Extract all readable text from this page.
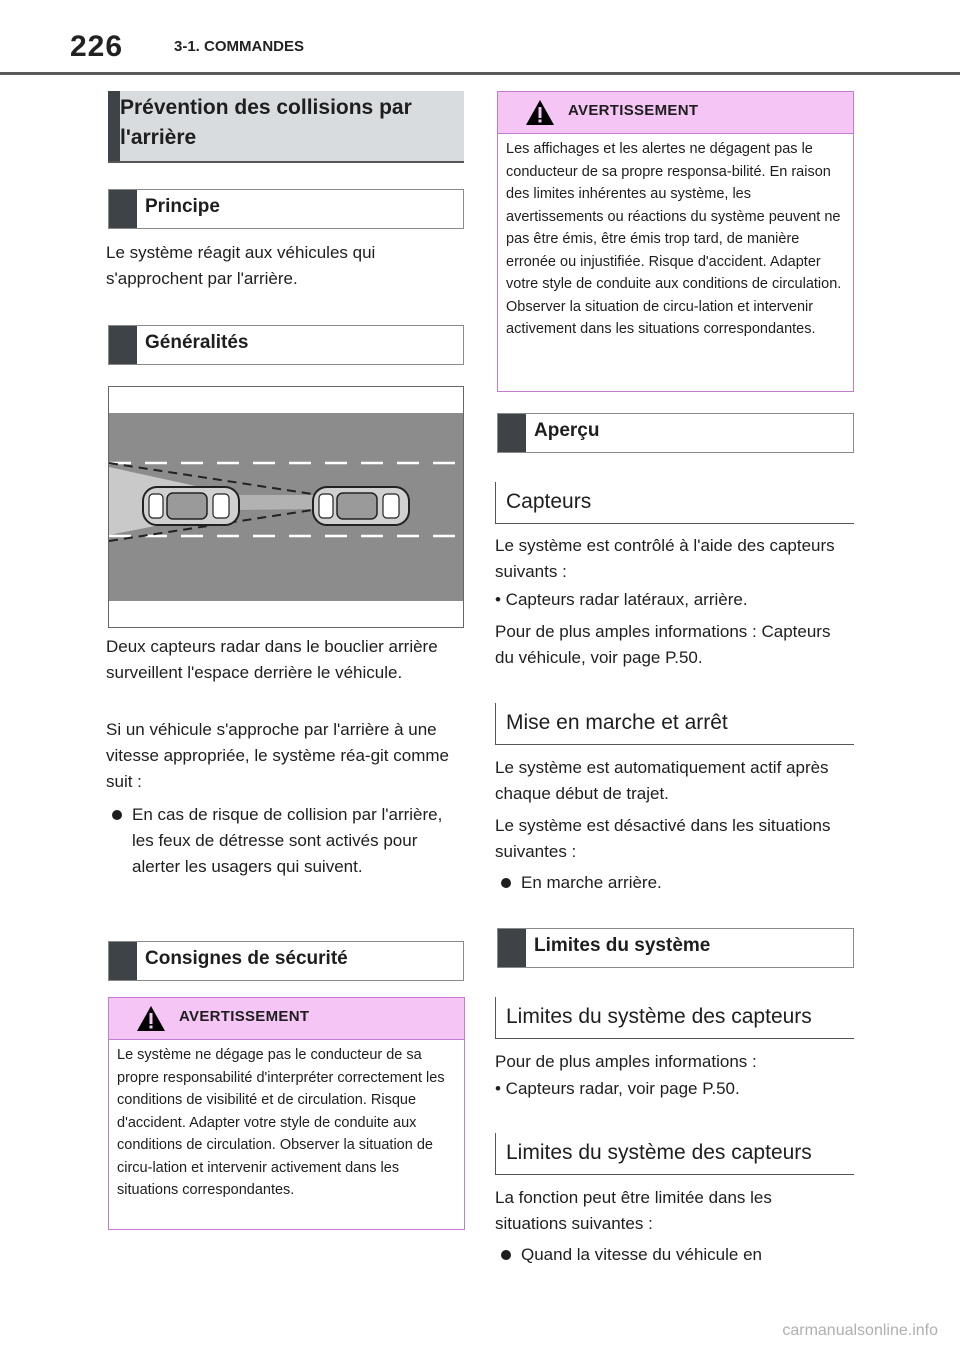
226	3-1. COMMANDES
Prévention des collisions par l'arrière
Principe

Le système réagit aux véhicules qui s'approchent par l'arrière.

Généralités

Deux capteurs radar dans le bouclier arrière surveillent l'espace derrière le véhicule.

Si un véhicule s'approche par l'arrière à une vitesse appropriée, le système réa-git comme suit :

En cas de risque de collision par l'arrière, les feux de détresse sont activés pour alerter les usagers qui suivent.

Consignes de sécurité
AVERTISSEMENT
Le système ne dégage pas le conducteur de sa propre responsabilité d'interpréter correctement les conditions de visibilité et de circulation. Risque d'accident. Adapter votre style de conduite aux conditions de circulation. Observer la situation de circu-lation et intervenir activement dans les situations correspondantes.
AVERTISSEMENT
Les affichages et les alertes ne dégagent pas le conducteur de sa propre responsa-bilité. En raison des limites inhérentes au système, les avertissements ou réactions du système peuvent ne pas être émis, être émis trop tard, de manière erronée ou injustifiée. Risque d'accident. Adapter votre style de conduite aux conditions de circulation. Observer la situation de circu-lation et intervenir activement dans les situations correspondantes.
Aperçu
Capteurs

Le système est contrôlé à l'aide des capteurs suivants :

• Capteurs radar latéraux, arrière.

Pour de plus amples informations : Capteurs du véhicule, voir page P.50.

Mise en marche et arrêt

Le système est automatiquement actif après chaque début de trajet.

Le système est désactivé dans les situations suivantes :

En marche arrière.

Limites du système
Limites du système des capteurs

Pour de plus amples informations :

• Capteurs radar, voir page P.50.

Limites du système des capteurs

La fonction peut être limitée dans les situations suivantes :

Quand la vitesse du véhicule en

carmanualsonline.info
